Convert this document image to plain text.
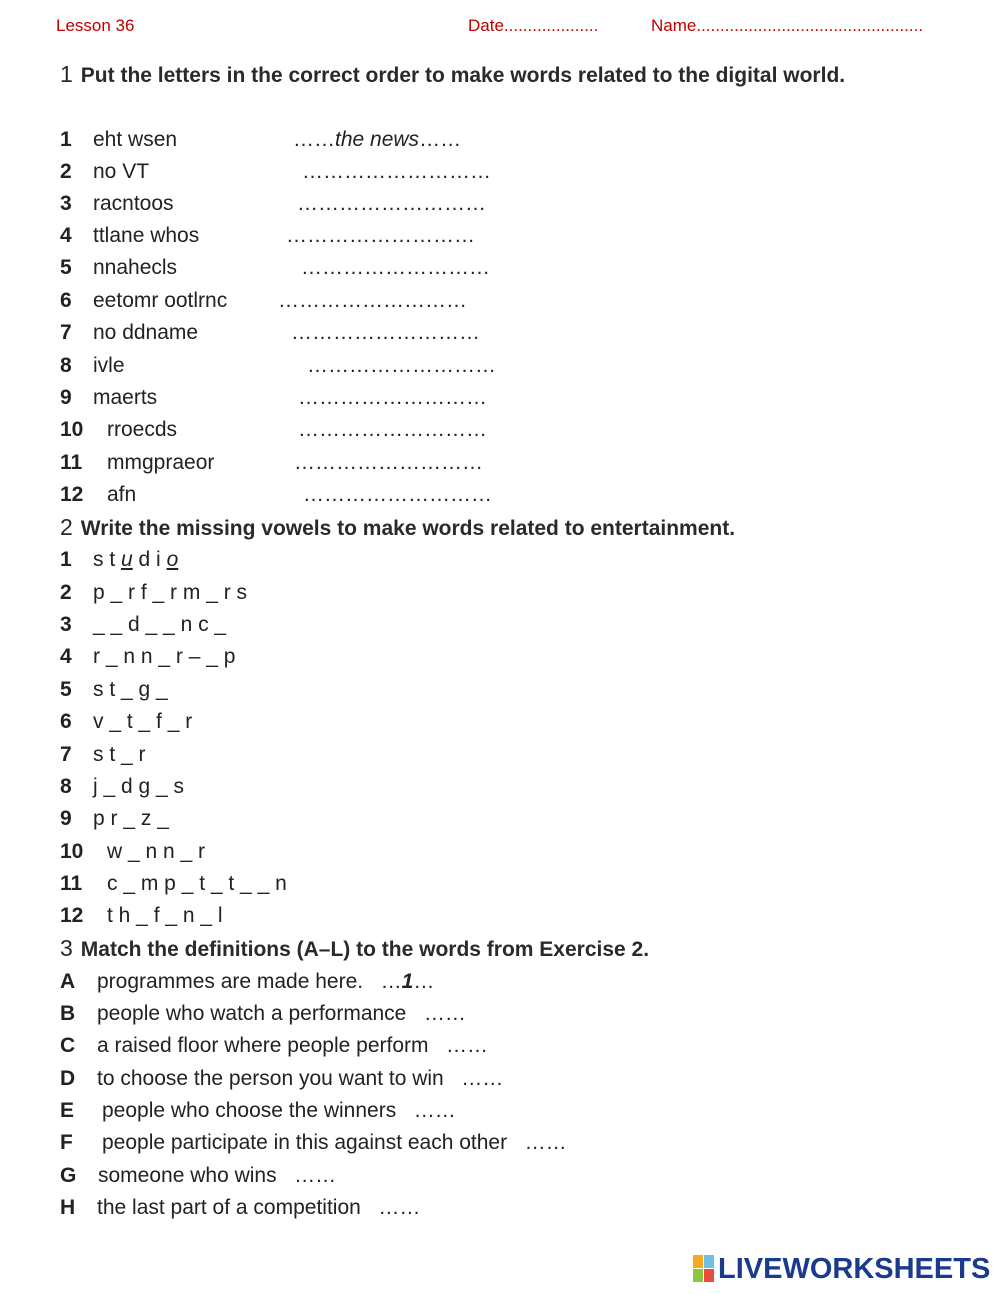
Lesson 36	Date....................	Name................................................
1 Put the letters in the correct order to make words related to the digital world.
1 eht wsen	……the news……
2 no VT	………………………
3 racntoos	………………………
4 ttlane whos	………………………
5 nnahecls	………………………
6 eetomr ootlrnc ………………………
7 no ddname	………………………
8 ivle	………………………
9 maerts	………………………
10 rroecds	………………………
11 mmgpraeor	………………………
12 afn	………………………
2 Write the missing vowels to make words related to entertainment.
1 s t u d i o
2 p _ r f _ r m _ r s
3 _ _ d _ _ n c _
4 r _ n n _ r – _ p
5 s t _ g _
6 v _ t _ f _ r
7 s t _ r
8 j _ d g _ s
9 p r _ z _
10 w _ n n _ r
11 c _ m p _ t _ t _ _ n
12 t h _ f _ n _ l
3 Match the definitions (A–L) to the words from Exercise 2.
A programmes are made here. …1…
B people who watch a performance ……
C a raised floor where people perform ……
D to choose the person you want to win ……
E people who choose the winners ……
F people participate in this against each other ……
G someone who wins ……
H the last part of a competition ……
LIVEWORKSHEETS
